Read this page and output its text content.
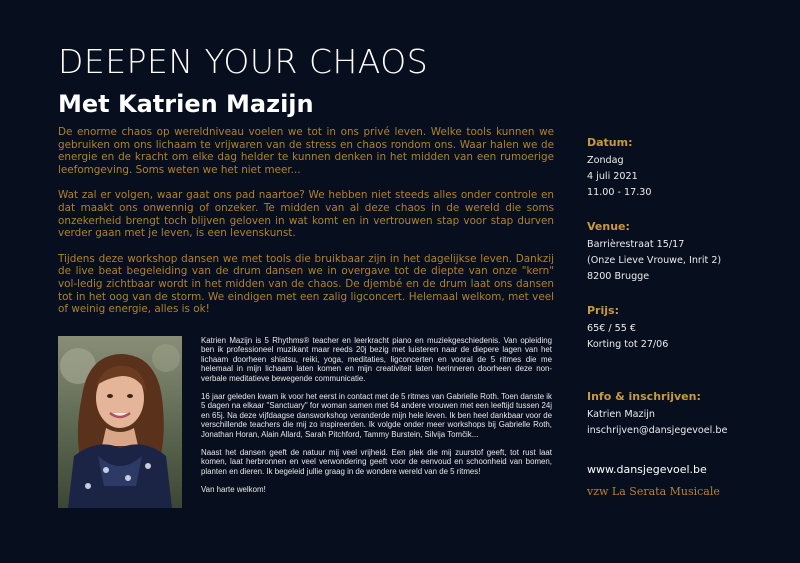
DEEPEN YOUR CHAOS
Met Katrien Mazijn

De enorme chaos op wereldniveau voelen we tot in ons privé leven. Welke tools kunnen we gebruiken om ons lichaam te vrijwaren van de stress en chaos rondom ons. Waar halen we de energie en de kracht om elke dag helder te kunnen denken in het midden van een rumoerige leefomgeving. Soms weten we het niet meer...

Wat zal er volgen, waar gaat ons pad naartoe? We hebben niet steeds alles onder controle en dat maakt ons onwennig of onzeker. Te midden van al deze chaos in de wereld die soms onzekerheid brengt toch blijven geloven in wat komt en in vertrouwen stap voor stap durven verder gaan met je leven, is een levenskunst.

Tijdens deze workshop dansen we met tools die bruikbaar zijn in het dagelijkse leven. Dankzij de live beat begeleiding van de drum dansen we in overgave tot de diepte van onze "kern" vol-ledig zichtbaar wordt in het midden van de chaos. De djembé en de drum laat ons dansen tot in het oog van de storm. We eindigen met een zalig ligconcert. Helemaal welkom, met veel of weinig energie, alles is ok!

Katrien Mazijn is 5 Rhythms® teacher en leerkracht piano en muziekgeschiedenis. Van opleiding ben ik professioneel muzikant maar reeds 20j bezig met luisteren naar de diepere lagen van het lichaam doorheen shiatsu, reiki, yoga, meditaties, ligconcerten en vooral de 5 ritmes die me helemaal in mijn lichaam laten komen en mijn creativiteit laten herinneren doorheen deze non-verbale meditatieve bewegende communicatie.

16 jaar geleden kwam ik voor het eerst in contact met de 5 ritmes van Gabrielle Roth. Toen danste ik 5 dagen na elkaar "Sanctuary" for woman samen met 64 andere vrouwen met een leeftijd tussen 24j en 65j. Na deze vijfdaagse dansworkshop veranderde mijn hele leven. Ik ben heel dankbaar voor de verschillende teachers die mij zo inspireerden. Ik volgde onder meer workshops bij Gabrielle Roth, Jonathan Horan, Alain Allard, Sarah Pitchford, Tammy Burstein, Silvija Tomčik...

Naast het dansen geeft de natuur mij veel vrijheid. Een plek die mij zuurstof geeft, tot rust laat komen, laat herbronnen en veel verwondering geeft voor de eenvoud en schoonheid van bomen, planten en dieren. Ik begeleid jullie graag in de wondere wereld van de 5 ritmes!

Van harte welkom!

Datum:

Zondag

4 juli 2021

11.00 - 17.30

Venue:

Barrièrestraat 15/17

(Onze Lieve Vrouwe, Inrit 2)

8200 Brugge

Prijs:

65€ / 55 €

Korting tot 27/06

Info & inschrijven:

Katrien Mazijn

inschrijven@dansjegevoel.be

www.dansjegevoel.be
vzw La Serata Musicale
